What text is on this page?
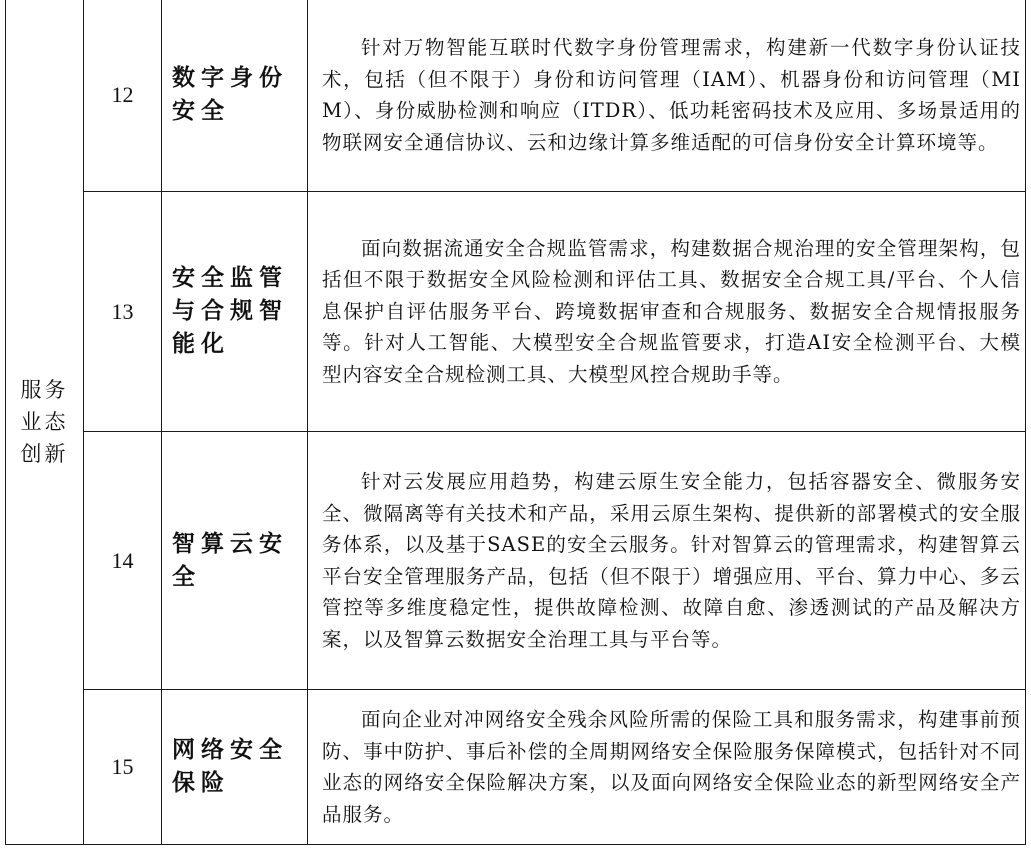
服务
业态
创新	12	数字身份安全	针对万物智能互联时代数字身份管理需求，构建新一代数字身份认证技术，包括（但不限于）身份和访问管理（IAM）、机器身份和访问管理（MIM）、身份威胁检测和响应（ITDR）、低功耗密码技术及应用、多场景适用的物联网安全通信协议、云和边缘计算多维适配的可信身份安全计算环境等。
	13	安全监管与合规智能化	面向数据流通安全合规监管需求，构建数据合规治理的安全管理架构，包括但不限于数据安全风险检测和评估工具、数据安全合规工具/平台、个人信息保护自评估服务平台、跨境数据审查和合规服务、数据安全合规情报服务等。针对人工智能、大模型安全合规监管要求，打造AI安全检测平台、大模型内容安全合规检测工具、大模型风控合规助手等。
	14	智算云安全	针对云发展应用趋势，构建云原生安全能力，包括容器安全、微服务安全、微隔离等有关技术和产品，采用云原生架构、提供新的部署模式的安全服务体系，以及基于SASE的安全云服务。针对智算云的管理需求，构建智算云平台安全管理服务产品，包括（但不限于）增强应用、平台、算力中心、多云管控等多维度稳定性，提供故障检测、故障自愈、渗透测试的产品及解决方案，以及智算云数据安全治理工具与平台等。
	15	网络安全保险	面向企业对冲网络安全残余风险所需的保险工具和服务需求，构建事前预防、事中防护、事后补偿的全周期网络安全保险服务保障模式，包括针对不同业态的网络安全保险解决方案，以及面向网络安全保险业态的新型网络安全产品服务。
